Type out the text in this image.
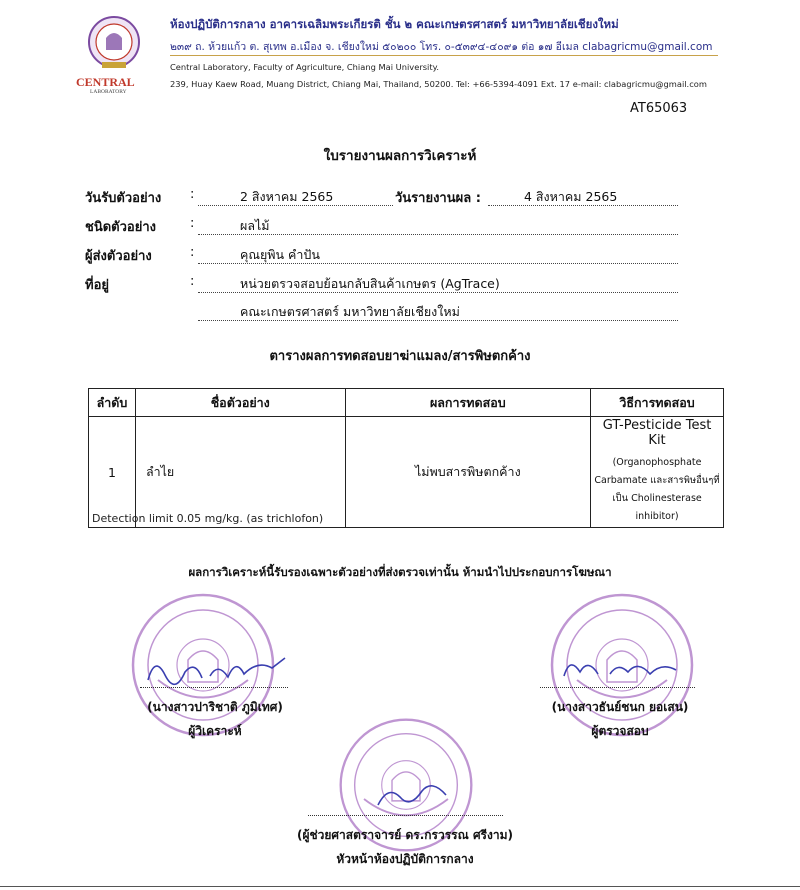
CENTRAL
LABORATORY
ห้องปฏิบัติการกลาง อาคารเฉลิมพระเกียรติ ชั้น ๒ คณะเกษตรศาสตร์ มหาวิทยาลัยเชียงใหม่
๒๓๙ ถ. ห้วยแก้ว ต. สุเทพ อ.เมือง จ. เชียงใหม่ ๕๐๒๐๐ โทร. ๐-๕๓๙๔-๔๐๙๑ ต่อ ๑๗ อีเมล clabagricmu@gmail.com
Central Laboratory, Faculty of Agriculture, Chiang Mai University.
239, Huay Kaew Road, Muang District, Chiang Mai, Thailand, 50200. Tel: +66-5394-4091 Ext. 17 e-mail: clabagricmu@gmail.com
AT65063
ใบรายงานผลการวิเคราะห์
วันรับตัวอย่าง :	2 สิงหาคม 2565	วันรายงานผล :	4 สิงหาคม 2565
ชนิดตัวอย่าง	:	ผลไม้
ผู้ส่งตัวอย่าง	:	คุณยุพิน คำปัน
ที่อยู่	:	หน่วยตรวจสอบย้อนกลับสินค้าเกษตร (AgTrace)
คณะเกษตรศาสตร์ มหาวิทยาลัยเชียงใหม่
ตารางผลการทดสอบยาฆ่าแมลง/สารพิษตกค้าง
ลำดับ	ชื่อตัวอย่าง	ผลการทดสอบ	วิธีการทดสอบ
1	ลำไย	ไม่พบสารพิษตกค้าง	GT-Pesticide Test Kit
(Organophosphate
Carbamate และสารพิษอื่นๆที่
เป็น Cholinesterase inhibitor)
Detection limit 0.05 mg/kg. (as trichlofon)
ผลการวิเคราะห์นี้รับรองเฉพาะตัวอย่างที่ส่งตรวจเท่านั้น ห้ามนำไปประกอบการโฆษณา
(นางสาวปาริชาติ ภูมิเทศ)
ผู้วิเคราะห์
(นางสาวธันย์ชนก ยอเสน)
ผู้ตรวจสอบ
(ผู้ช่วยศาสตราจารย์ ดร.กรวรรณ ศรีงาม)
หัวหน้าห้องปฏิบัติการกลาง
